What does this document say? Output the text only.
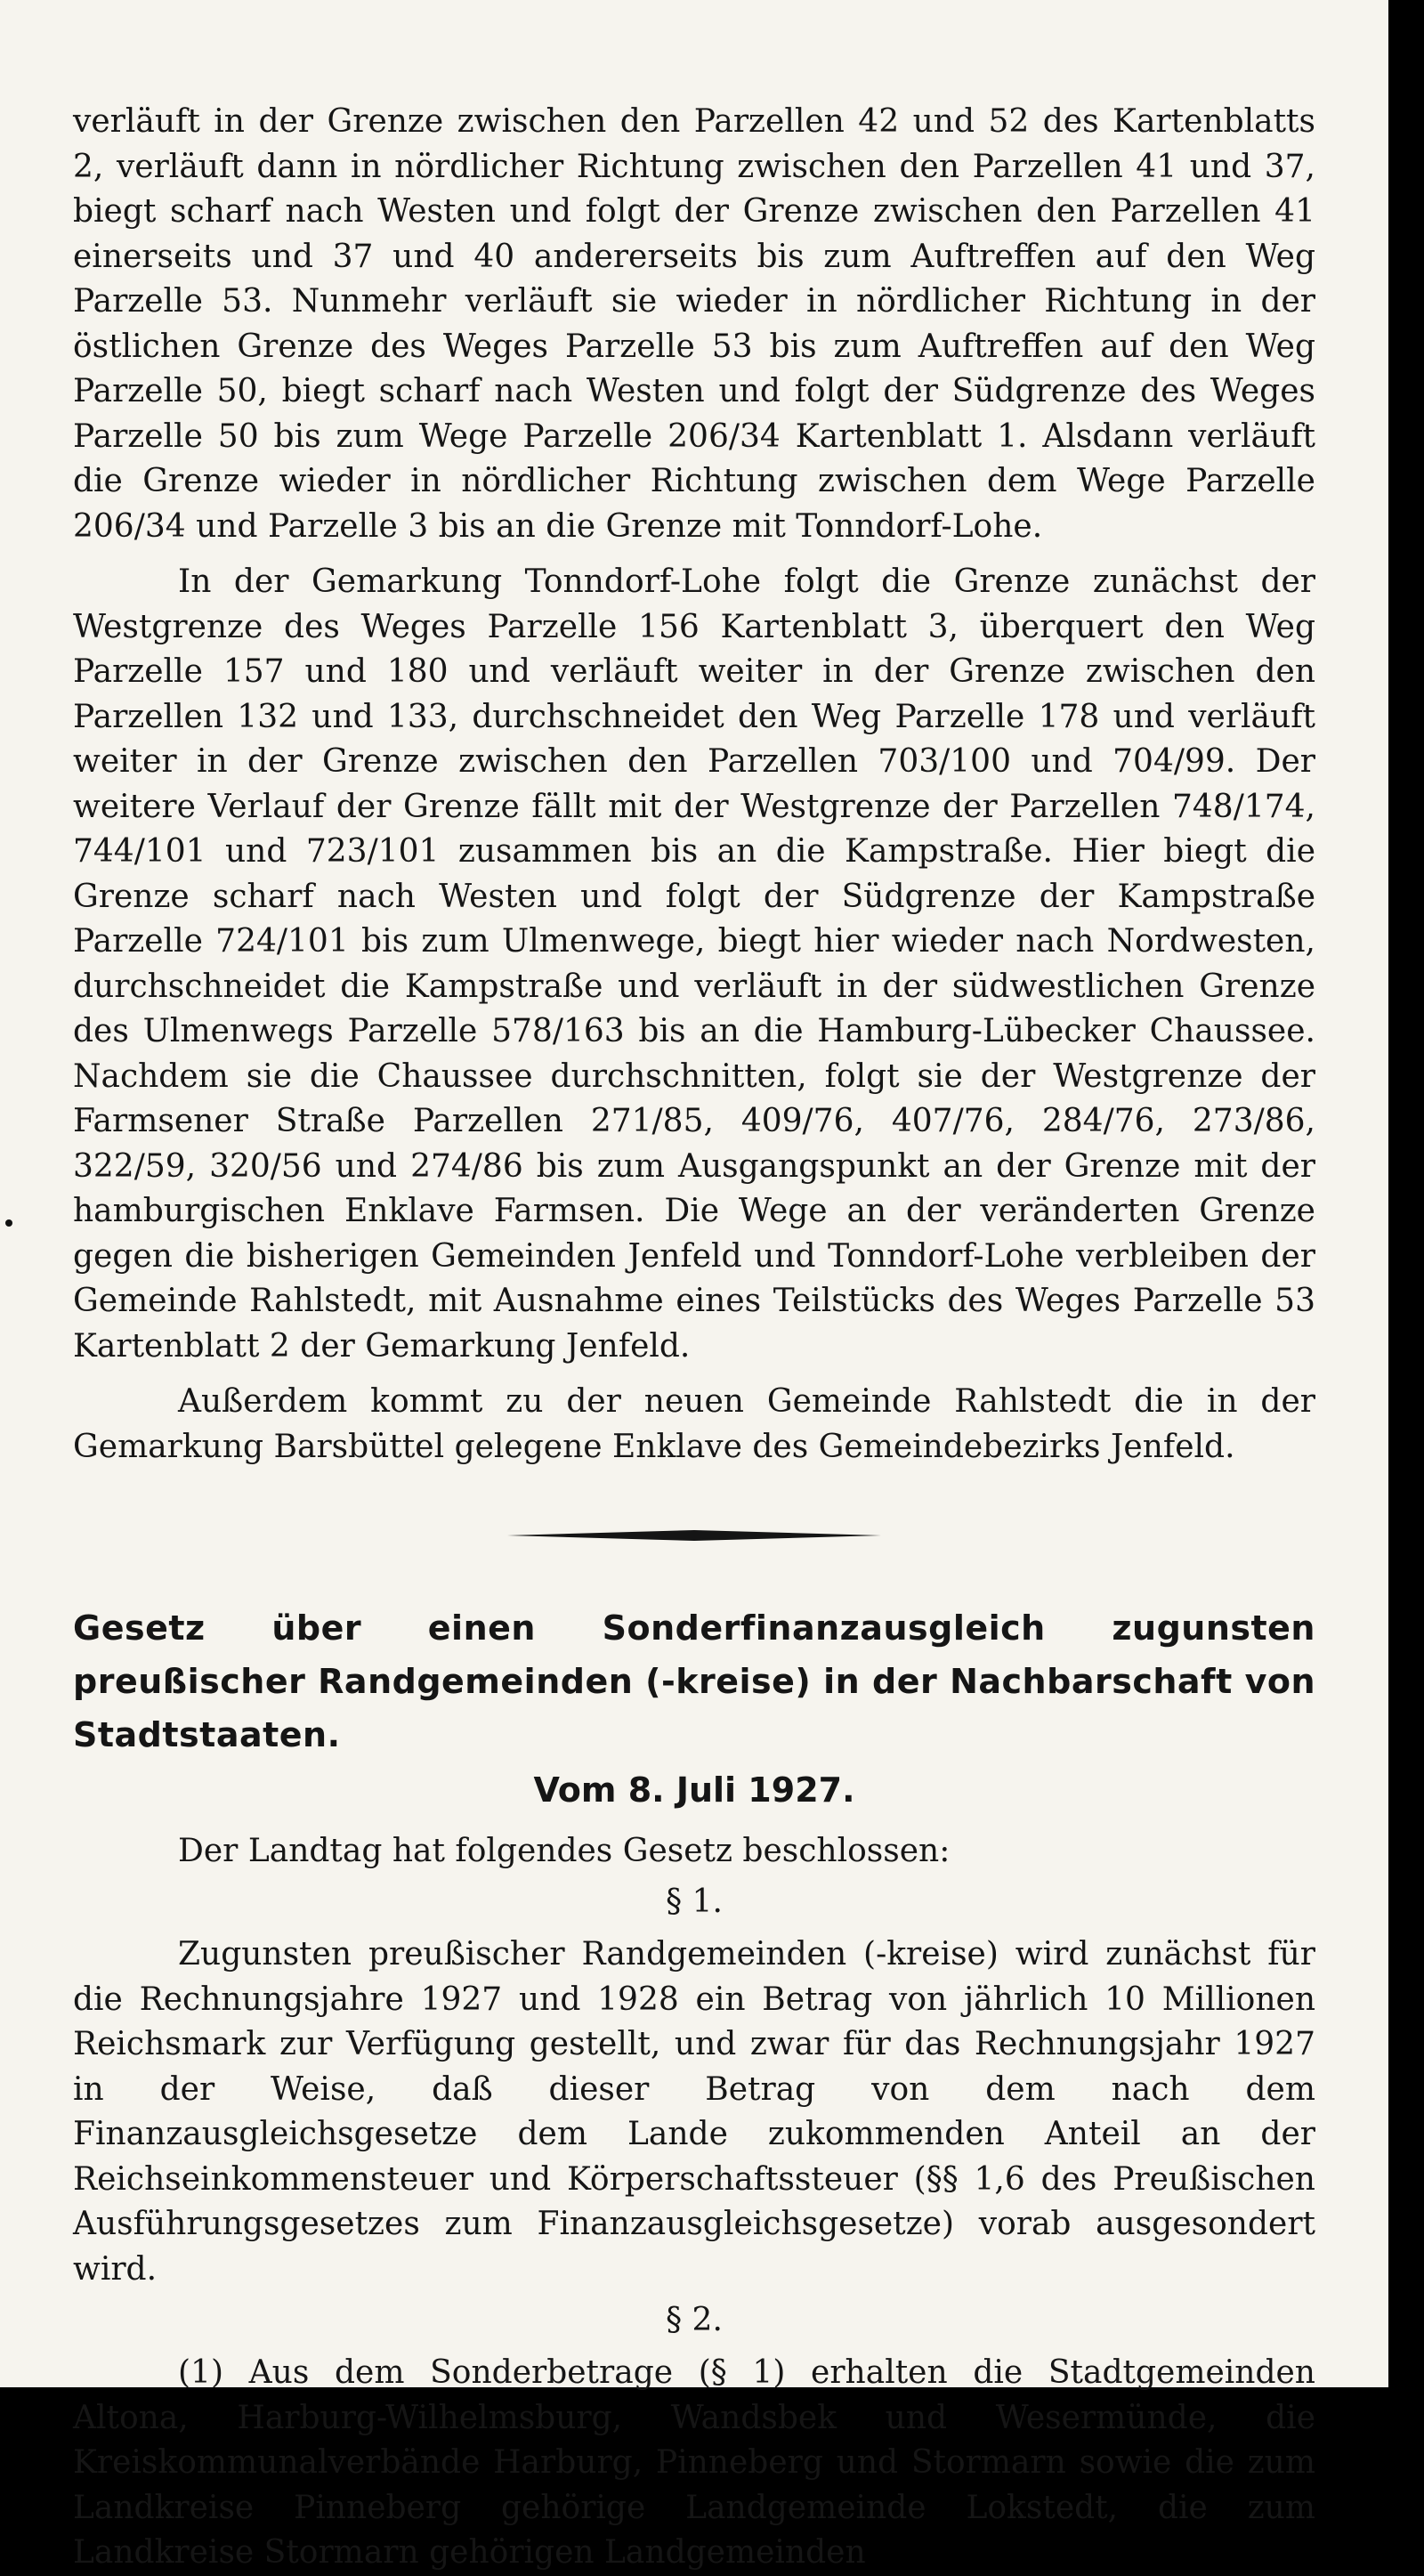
verläuft in der Grenze zwischen den Parzellen 42 und 52 des Kartenblatts 2, verläuft dann in nördlicher Richtung zwischen den Parzellen 41 und 37, biegt scharf nach Westen und folgt der Grenze zwischen den Parzellen 41 einerseits und 37 und 40 andererseits bis zum Auftreffen auf den Weg Parzelle 53. Nunmehr verläuft sie wieder in nördlicher Richtung in der östlichen Grenze des Weges Parzelle 53 bis zum Auftreffen auf den Weg Parzelle 50, biegt scharf nach Westen und folgt der Südgrenze des Weges Parzelle 50 bis zum Wege Parzelle 206/34 Kartenblatt 1. Alsdann verläuft die Grenze wieder in nördlicher Richtung zwischen dem Wege Parzelle 206/34 und Parzelle 3 bis an die Grenze mit Tonndorf-Lohe.

In der Gemarkung Tonndorf-Lohe folgt die Grenze zunächst der Westgrenze des Weges Parzelle 156 Kartenblatt 3, überquert den Weg Parzelle 157 und 180 und verläuft weiter in der Grenze zwischen den Parzellen 132 und 133, durchschneidet den Weg Parzelle 178 und verläuft weiter in der Grenze zwischen den Parzellen 703/100 und 704/99. Der weitere Verlauf der Grenze fällt mit der Westgrenze der Parzellen 748/174, 744/101 und 723/101 zusammen bis an die Kampstraße. Hier biegt die Grenze scharf nach Westen und folgt der Südgrenze der Kampstraße Parzelle 724/101 bis zum Ulmenwege, biegt hier wieder nach Nordwesten, durchschneidet die Kampstraße und verläuft in der südwestlichen Grenze des Ulmenwegs Parzelle 578/163 bis an die Hamburg-Lübecker Chaussee. Nachdem sie die Chaussee durchschnitten, folgt sie der Westgrenze der Farmsener Straße Parzellen 271/85, 409/76, 407/76, 284/76, 273/86, 322/59, 320/56 und 274/86 bis zum Ausgangspunkt an der Grenze mit der hamburgischen Enklave Farmsen. Die Wege an der veränderten Grenze gegen die bisherigen Gemeinden Jenfeld und Tonndorf-Lohe verbleiben der Gemeinde Rahlstedt, mit Ausnahme eines Teilstücks des Weges Parzelle 53 Kartenblatt 2 der Gemarkung Jenfeld.

Außerdem kommt zu der neuen Gemeinde Rahlstedt die in der Gemarkung Barsbüttel gelegene Enklave des Gemeindebezirks Jenfeld.

Gesetz über einen Sonderfinanzausgleich zugunsten preußischer Randgemeinden (-kreise) in der Nachbarschaft von Stadtstaaten.

Vom 8. Juli 1927.

Der Landtag hat folgendes Gesetz beschlossen:

§ 1.

Zugunsten preußischer Randgemeinden (-kreise) wird zunächst für die Rechnungsjahre 1927 und 1928 ein Betrag von jährlich 10 Millionen Reichsmark zur Verfügung gestellt, und zwar für das Rechnungsjahr 1927 in der Weise, daß dieser Betrag von dem nach dem Finanzausgleichsgesetze dem Lande zukommenden Anteil an der Reichseinkommensteuer und Körperschaftssteuer (§§ 1,6 des Preußischen Ausführungsgesetzes zum Finanzausgleichsgesetze) vorab ausgesondert wird.

§ 2.

(1) Aus dem Sonderbetrage (§ 1) erhalten die Stadtgemeinden Altona, Harburg-Wilhelmsburg, Wandsbek und Wesermünde, die Kreiskommunalverbände Harburg, Pinneberg und Stormarn sowie die zum Landkreise Pinneberg gehörige Landgemeinde Lokstedt, die zum Landkreise Stormarn gehörigen Landgemeinden
